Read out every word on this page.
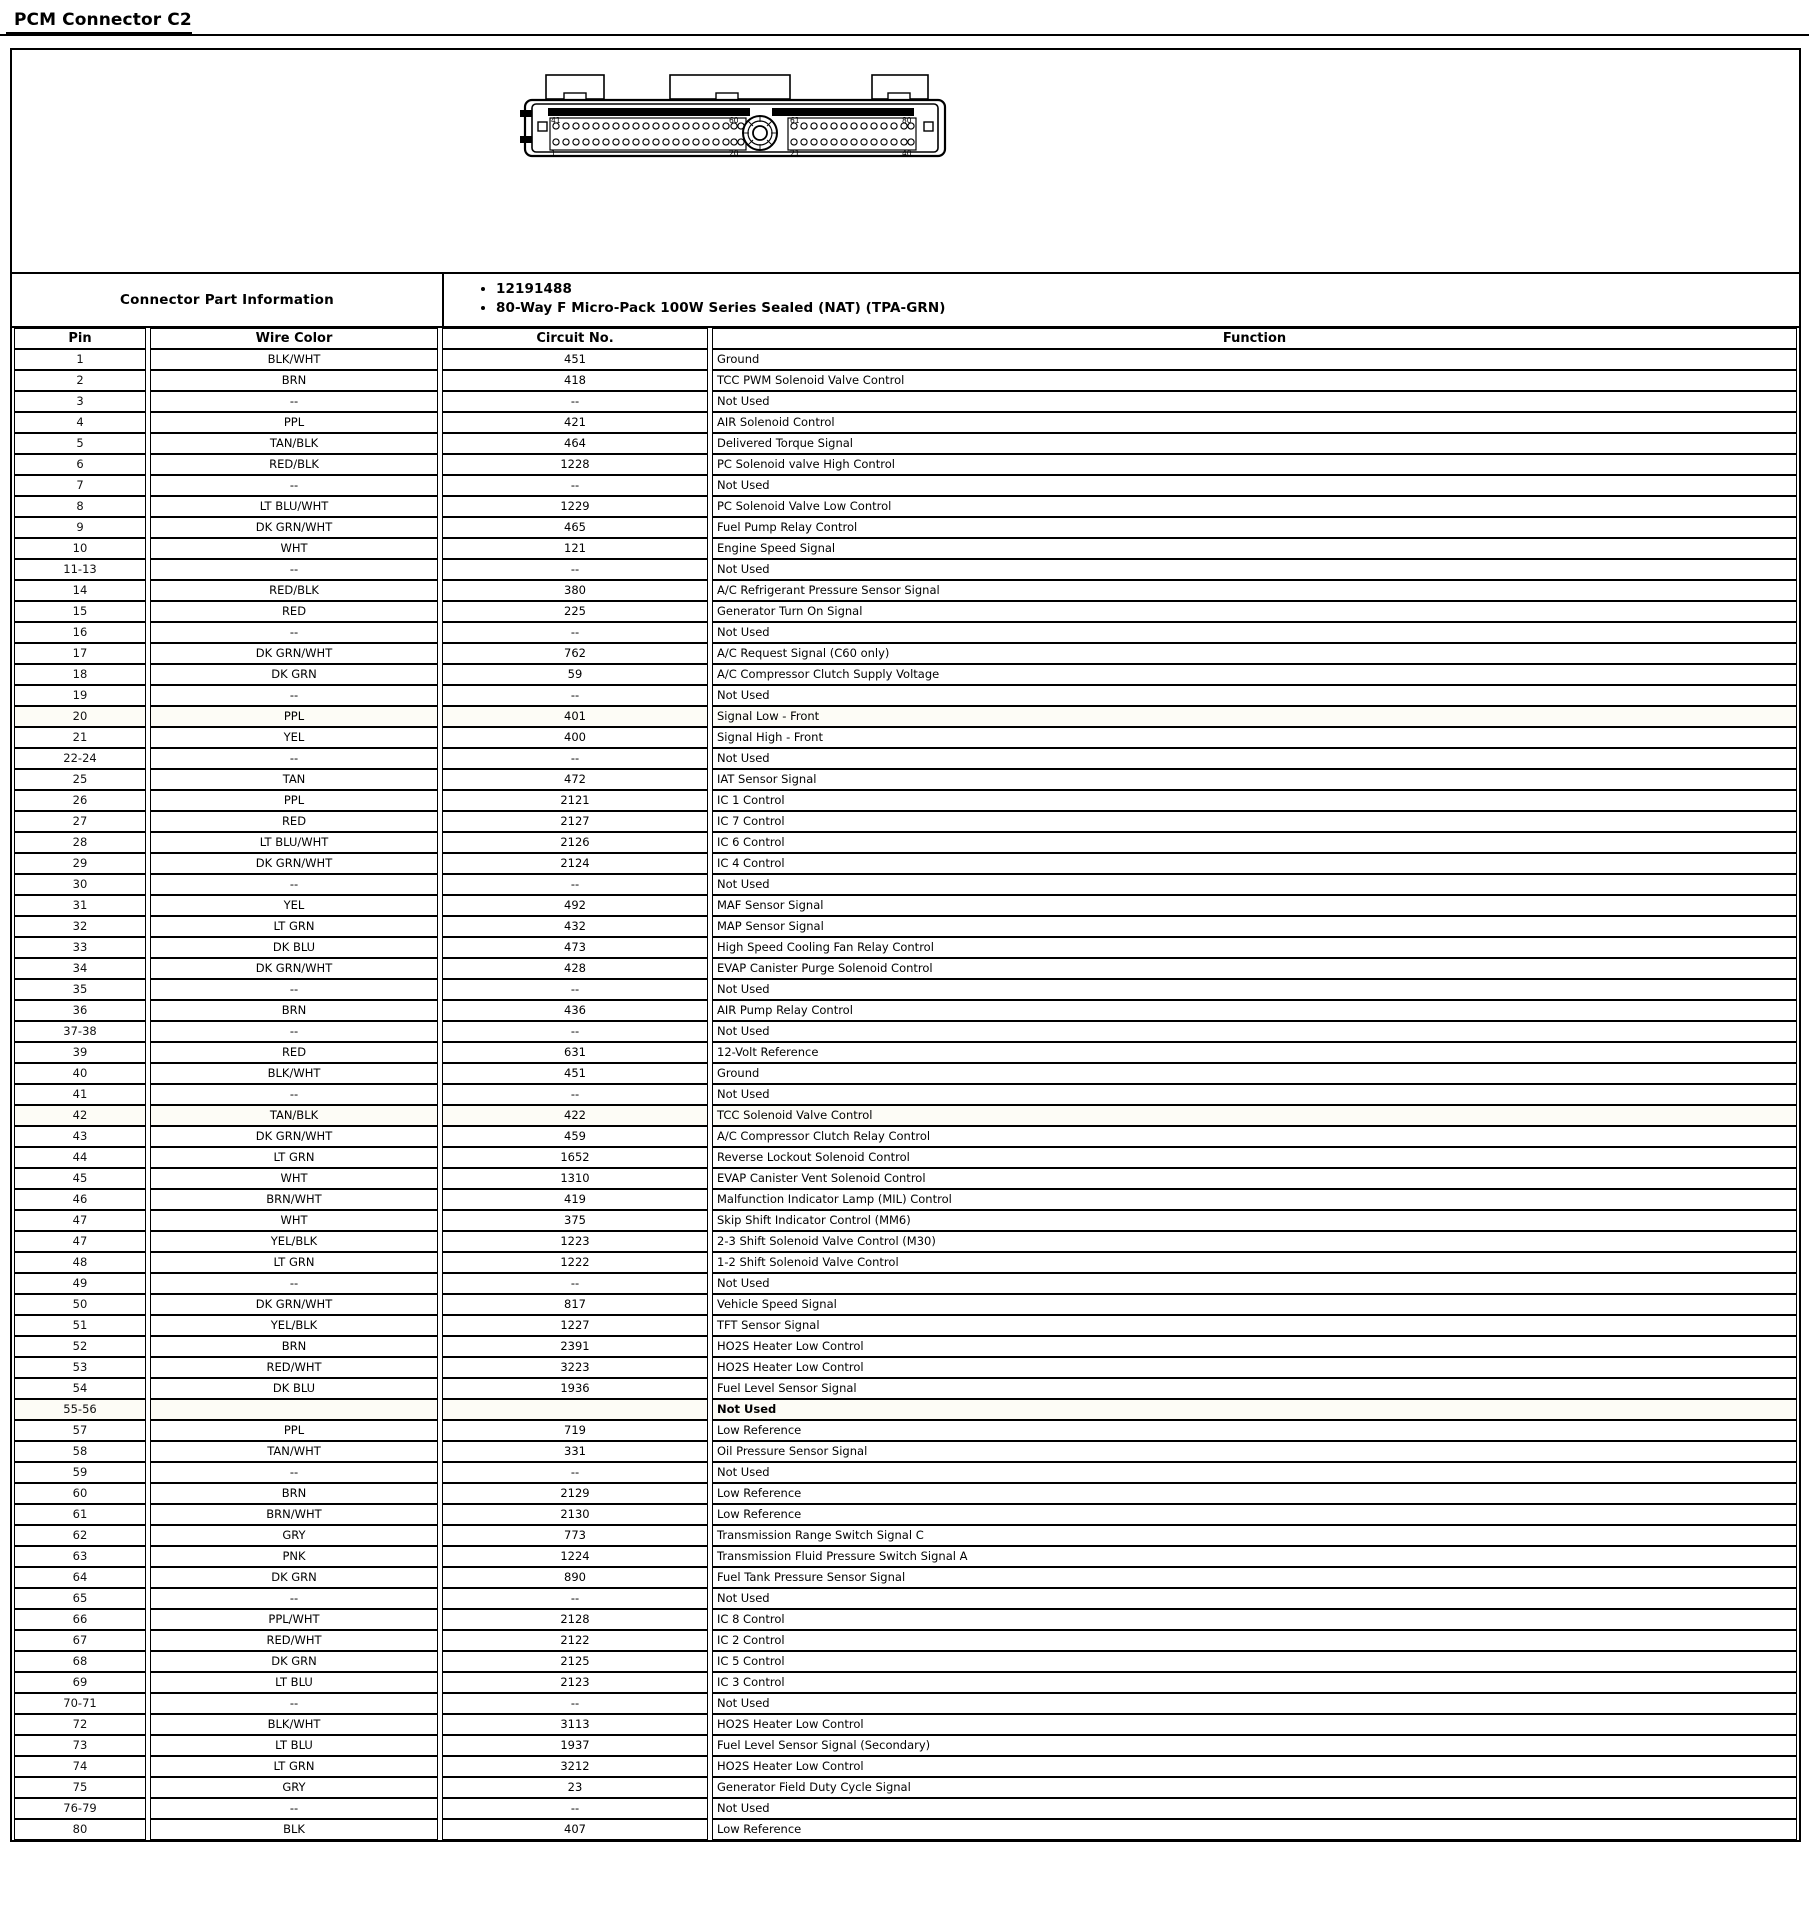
PCM Connector C2
41	60	61	80
1	20	21	40
Connector Part Information
• 12191488
• 80-Way F Micro-Pack 100W Series Sealed (NAT) (TPA-GRN)
Pin	Wire Color	Circuit No.	Function

1	BLK/WHT	451	Ground

2	BRN	418	TCC PWM Solenoid Valve Control

3	--	--	Not Used

4	PPL	421	AIR Solenoid Control

5	TAN/BLK	464	Delivered Torque Signal

6	RED/BLK	1228	PC Solenoid valve High Control

7	--	--	Not Used

8	LT BLU/WHT	1229	PC Solenoid Valve Low Control

9	DK GRN/WHT	465	Fuel Pump Relay Control

10	WHT	121	Engine Speed Signal

11-13	--	--	Not Used

14	RED/BLK	380	A/C Refrigerant Pressure Sensor Signal

15	RED	225	Generator Turn On Signal

16	--	--	Not Used

17	DK GRN/WHT	762	A/C Request Signal (C60 only)

18	DK GRN	59	A/C Compressor Clutch Supply Voltage

19	--	--	Not Used

20	PPL	401	Signal Low - Front

21	YEL	400	Signal High - Front

22-24	--	--	Not Used

25	TAN	472	IAT Sensor Signal

26	PPL	2121	IC 1 Control

27	RED	2127	IC 7 Control

28	LT BLU/WHT	2126	IC 6 Control

29	DK GRN/WHT	2124	IC 4 Control

30	--	--	Not Used

31	YEL	492	MAF Sensor Signal

32	LT GRN	432	MAP Sensor Signal

33	DK BLU	473	High Speed Cooling Fan Relay Control

34	DK GRN/WHT	428	EVAP Canister Purge Solenoid Control

35	--	--	Not Used

36	BRN	436	AIR Pump Relay Control

37-38	--	--	Not Used

39	RED	631	12-Volt Reference

40	BLK/WHT	451	Ground

41	--	--	Not Used

42	TAN/BLK	422	TCC Solenoid Valve Control

43	DK GRN/WHT	459	A/C Compressor Clutch Relay Control

44	LT GRN	1652	Reverse Lockout Solenoid Control

45	WHT	1310	EVAP Canister Vent Solenoid Control

46	BRN/WHT	419	Malfunction Indicator Lamp (MIL) Control

47	WHT	375	Skip Shift Indicator Control (MM6)

47	YEL/BLK	1223	2-3 Shift Solenoid Valve Control (M30)

48	LT GRN	1222	1-2 Shift Solenoid Valve Control

49	--	--	Not Used

50	DK GRN/WHT	817	Vehicle Speed Signal

51	YEL/BLK	1227	TFT Sensor Signal

52	BRN	2391	HO2S Heater Low Control

53	RED/WHT	3223	HO2S Heater Low Control

54	DK BLU	1936	Fuel Level Sensor Signal

55-56			Not Used

57	PPL	719	Low Reference

58	TAN/WHT	331	Oil Pressure Sensor Signal

59	--	--	Not Used

60	BRN	2129	Low Reference

61	BRN/WHT	2130	Low Reference

62	GRY	773	Transmission Range Switch Signal C

63	PNK	1224	Transmission Fluid Pressure Switch Signal A

64	DK GRN	890	Fuel Tank Pressure Sensor Signal

65	--	--	Not Used

66	PPL/WHT	2128	IC 8 Control

67	RED/WHT	2122	IC 2 Control

68	DK GRN	2125	IC 5 Control

69	LT BLU	2123	IC 3 Control

70-71	--	--	Not Used

72	BLK/WHT	3113	HO2S Heater Low Control

73	LT BLU	1937	Fuel Level Sensor Signal (Secondary)

74	LT GRN	3212	HO2S Heater Low Control

75	GRY	23	Generator Field Duty Cycle Signal

76-79	--	--	Not Used

80	BLK	407	Low Reference
